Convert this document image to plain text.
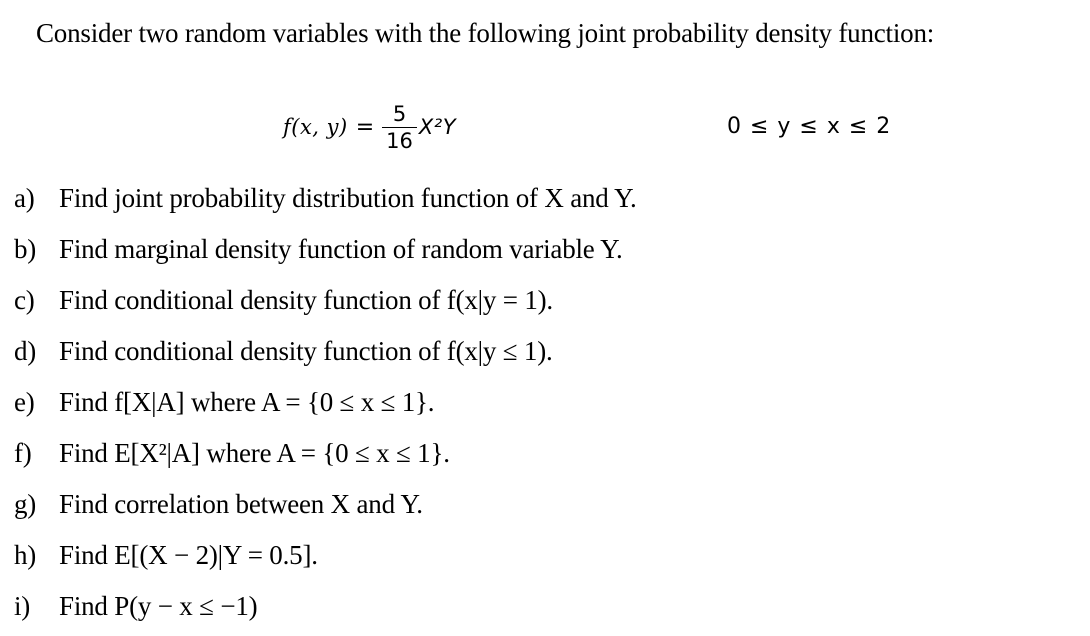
Consider two random variables with the following joint probability density function:
f(x, $y) = \frac{5}{16} X^2Y$	0 ≤ y ≤ x ≤ 2
a) Find joint probability distribution function of X and Y.
b) Find marginal density function of random variable Y.
c) Find conditional density function of f(x|y = 1).
d) Find conditional density function of f(x|y ≤ 1).
e) Find f[X|A] where A = {0 ≤ x ≤ 1}.
f)	Find E[X²|A] where A = {0 ≤ x ≤ 1}.
g) Find correlation between X and Y.
h) Find E[(X − 2)|Y = 0.5].
i)	Find P(y − x ≤ −1)
